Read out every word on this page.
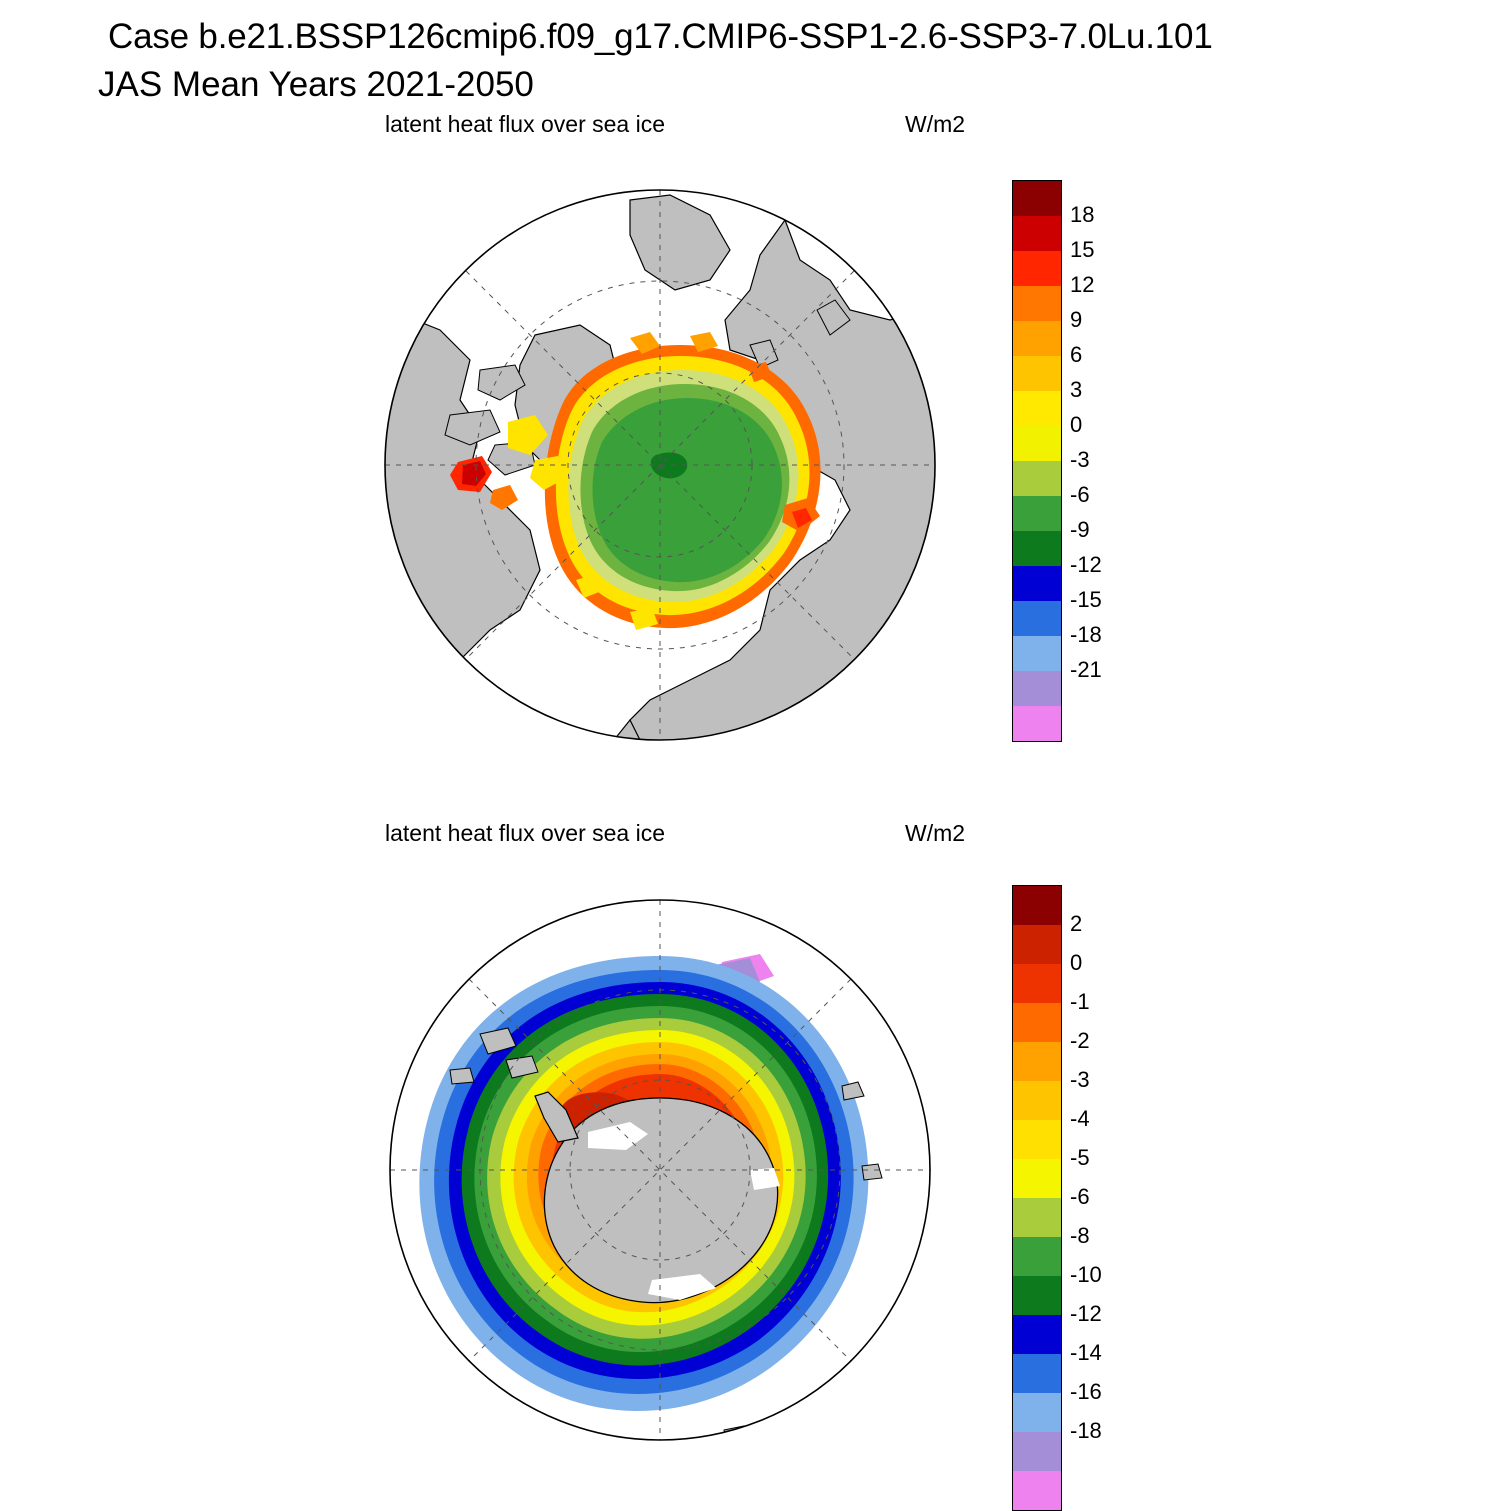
Case b.e21.BSSP126cmip6.f09_g17.CMIP6-SSP1-2.6-SSP3-7.0Lu.101
JAS Mean Years 2021-2050
latent heat flux over sea ice	W/m2
18
15
12
9
6
3
0
-3
-6
-9
-12
-15
-18
-21
latent heat flux over sea ice	W/m2
2
0
-1
-2
-3
-4
-5
-6
-8
-10
-12
-14
-16
-18
